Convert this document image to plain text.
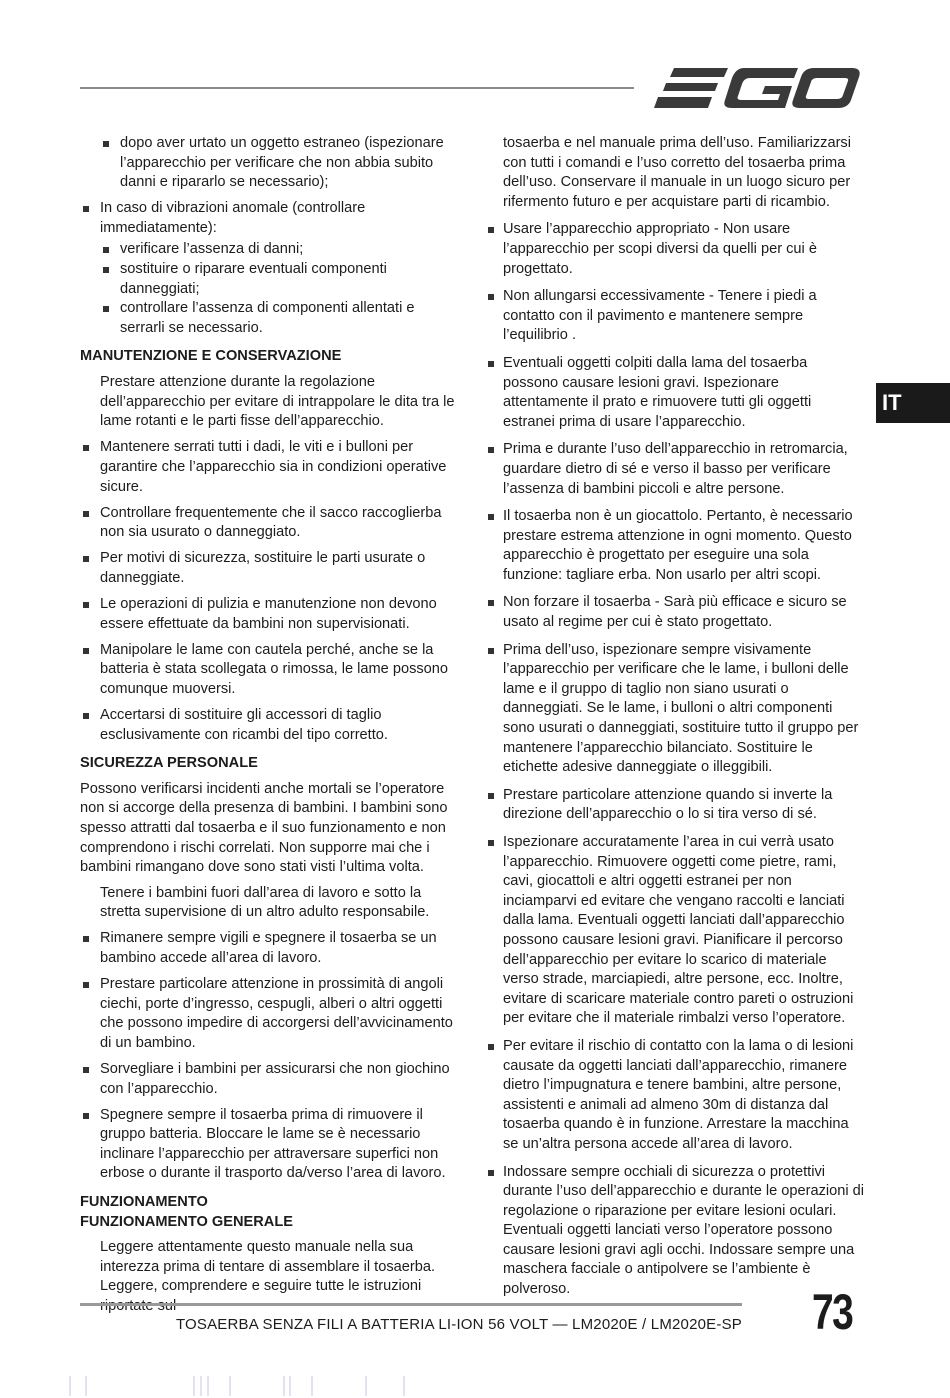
IT
dopo aver urtato un oggetto estraneo (ispezionare l’apparecchio per verificare che non abbia subito danni e ripararlo se necessario);
In caso di vibrazioni anomale (controllare immediatamente):
verificare l’assenza di danni;
sostituire o riparare eventuali componenti danneggiati;
controllare l’assenza di componenti allentati e serrarli se necessario.
MANUTENZIONE E CONSERVAZIONE
Prestare attenzione durante la regolazione dell’apparecchio per evitare di intrappolare le dita tra le lame rotanti e le parti fisse dell’apparecchio.
Mantenere serrati tutti i dadi, le viti e i bulloni per garantire che l’apparecchio sia in condizioni operative sicure.
Controllare frequentemente che il sacco raccoglierba non sia usurato o danneggiato.
Per motivi di sicurezza, sostituire le parti usurate o danneggiate.
Le operazioni di pulizia e manutenzione non devono essere effettuate da bambini non supervisionati.
Manipolare le lame con cautela perché, anche se la batteria è stata scollegata o rimossa, le lame possono comunque muoversi.
Accertarsi di sostituire gli accessori di taglio esclusivamente con ricambi del tipo corretto.
SICUREZZA PERSONALE

Possono verificarsi incidenti anche mortali se l’operatore non si accorge della presenza di bambini. I bambini sono spesso attratti dal tosaerba e il suo funzionamento e non comprendono i rischi correlati. Non supporre mai che i bambini rimangano dove sono stati visti l’ultima volta.

Tenere i bambini fuori dall’area di lavoro e sotto la stretta supervisione di un altro adulto responsabile.
Rimanere sempre vigili e spegnere il tosaerba se un bambino accede all’area di lavoro.
Prestare particolare attenzione in prossimità di angoli ciechi, porte d’ingresso, cespugli, alberi o altri oggetti che possono impedire di accorgersi dell’avvicinamento di un bambino.
Sorvegliare i bambini per assicurarsi che non giochino con l’apparecchio.
Spegnere sempre il tosaerba prima di rimuovere il gruppo batteria. Bloccare le lame se è necessario inclinare l’apparecchio per attraversare superfici non erbose o durante il trasporto da/verso l’area di lavoro.
FUNZIONAMENTO
FUNZIONAMENTO GENERALE
Leggere attentamente questo manuale nella sua interezza prima di tentare di assemblare il tosaerba. Leggere, comprendere e seguire tutte le istruzioni

tosaerba e nel manuale prima dell’uso. Familiarizzarsi con tutti i comandi e l’uso corretto del tosaerba prima dell’uso. Conservare il manuale in un luogo sicuro per rifermento futuro e per acquistare parti di ricambio.

Usare l’apparecchio appropriato - Non usare l’apparecchio per scopi diversi da quelli per cui è progettato.
Non allungarsi eccessivamente - Tenere i piedi a contatto con il pavimento e mantenere sempre l’equilibrio .
Eventuali oggetti colpiti dalla lama del tosaerba possono causare lesioni gravi. Ispezionare attentamente il prato e rimuovere tutti gli oggetti estranei prima di usare l’apparecchio.
Prima e durante l’uso dell’apparecchio in retromarcia, guardare dietro di sé e verso il basso per verificare l’assenza di bambini piccoli e altre persone.
Il tosaerba non è un giocattolo. Pertanto, è necessario prestare estrema attenzione in ogni momento. Questo apparecchio è progettato per eseguire una sola funzione: tagliare erba. Non usarlo per altri scopi.
Non forzare il tosaerba - Sarà più efficace e sicuro se usato al regime per cui è stato progettato.
Prima dell’uso, ispezionare sempre visivamente l’apparecchio per verificare che le lame, i bulloni delle lame e il gruppo di taglio non siano usurati o danneggiati. Se le lame, i bulloni o altri componenti sono usurati o danneggiati, sostituire tutto il gruppo per mantenere l’apparecchio bilanciato. Sostituire le etichette adesive danneggiate o illeggibili.
Prestare particolare attenzione quando si inverte la direzione dell’apparecchio o lo si tira verso di sé.
Ispezionare accuratamente l’area in cui verrà usato l’apparecchio. Rimuovere oggetti come pietre, rami, cavi, giocattoli e altri oggetti estranei per non inciamparvi ed evitare che vengano raccolti e lanciati dalla lama. Eventuali oggetti lanciati dall’apparecchio possono causare lesioni gravi. Pianificare il percorso dell’apparecchio per evitare lo scarico di materiale verso strade, marciapiedi, altre persone, ecc. Inoltre, evitare di scaricare materiale contro pareti o ostruzioni per evitare che il materiale rimbalzi verso l’operatore.
Per evitare il rischio di contatto con la lama o di lesioni causate da oggetti lanciati dall’apparecchio, rimanere dietro l’impugnatura e tenere bambini, altre persone, assistenti e animali ad almeno 30m di distanza dal tosaerba quando è in funzione. Arrestare la macchina se un’altra persona accede all’area di lavoro.
Indossare sempre occhiali di sicurezza o protettivi durante l’uso dell’apparecchio e durante le operazioni di regolazione o riparazione per evitare lesioni oculari. Eventuali oggetti lanciati verso l’operatore possono causare lesioni gravi agli occhi. Indossare sempre una maschera facciale o antipolvere se l’ambiente è polveroso.
TOSAERBA SENZA FILI A BATTERIA LI-ION 56 VOLT — LM2020E / LM2020E-SP 73
